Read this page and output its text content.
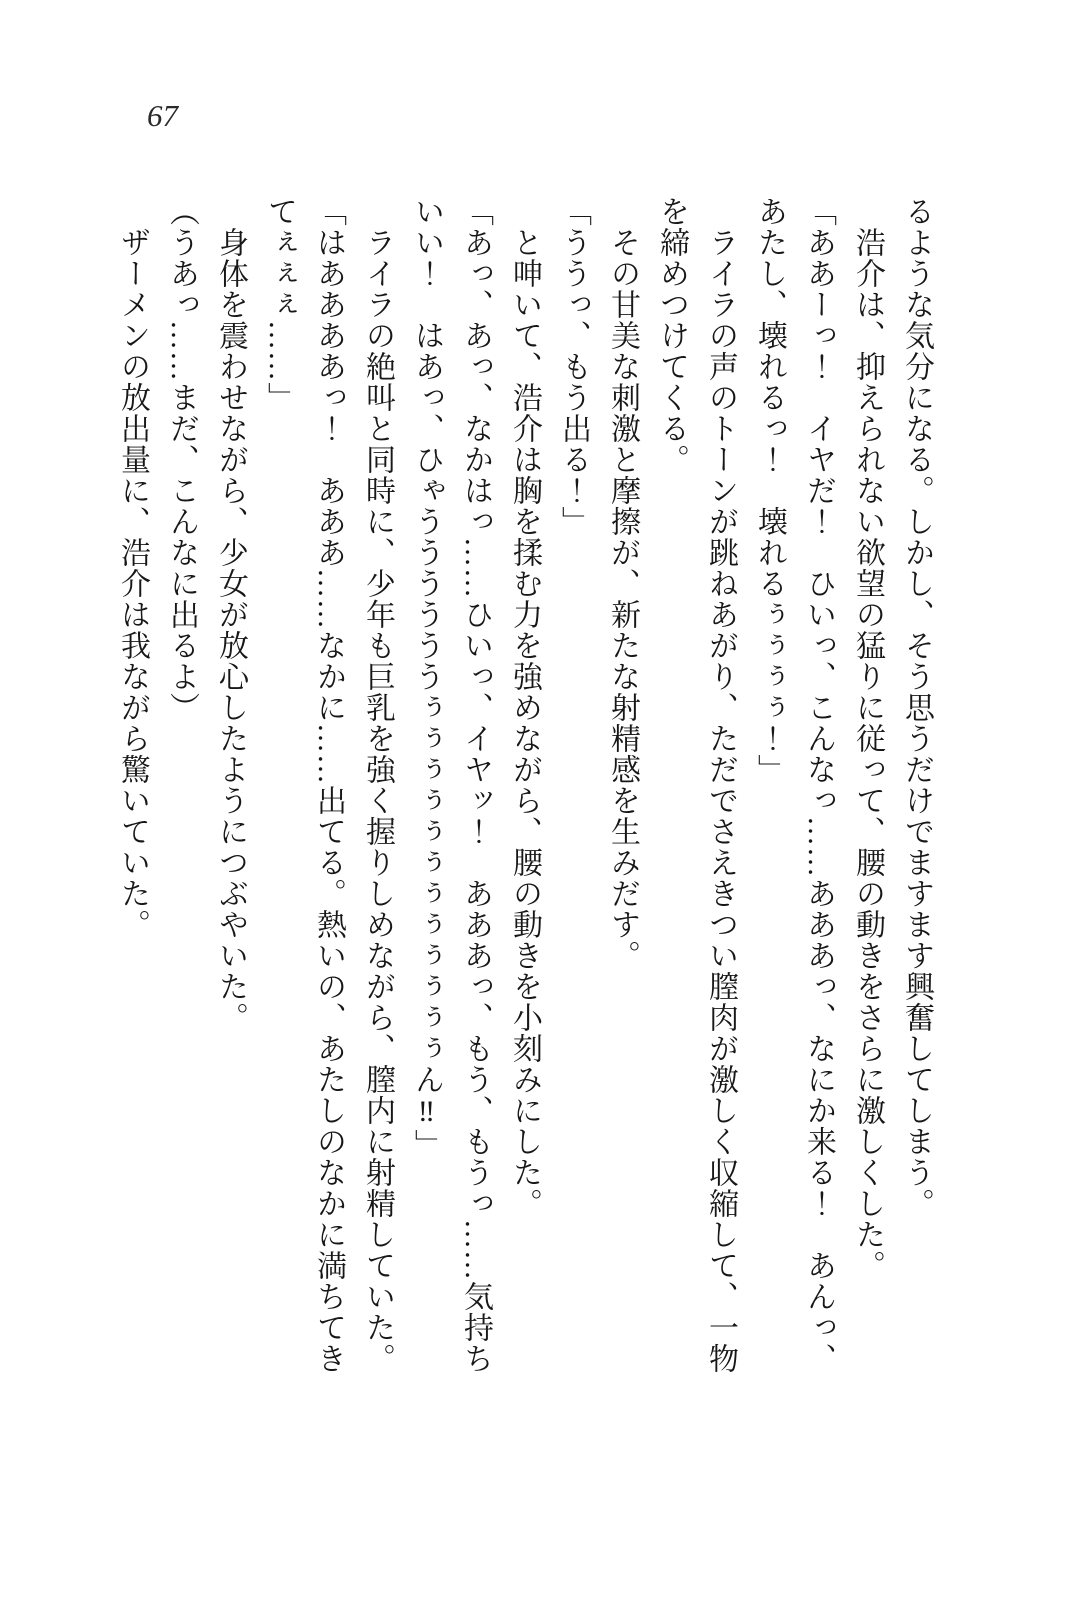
67
るような気分になる。しかし、そう思うだけでますます興奮してしまう。
　浩介は、抑えられない欲望の猛りに従って、腰の動きをさらに激しくした。
「ああーっ！　イヤだ！　ひいっ、こんなっ……あああっ、なにか来る！　あんっ、
あたし、壊れるっ！　壊れるぅぅぅぅ！」
　ライラの声のトーンが跳ねあがり、ただでさえきつい膣肉が激しく収縮して、一物
を締めつけてくる。
　その甘美な刺激と摩擦が、新たな射精感を生みだす。
「ううっ、もう出る！」
　と呻いて、浩介は胸を揉む力を強めながら、腰の動きを小刻みにした。
「あっ、あっ、なかはっ……ひいっ、イヤッ！　あああっ、もう、もうっ……気持ち
いい！　はあっ、ひゃううううううぅぅぅぅぅぅぅぅぅぅぅぅん‼」
　ライラの絶叫と同時に、少年も巨乳を強く握りしめながら、膣内に射精していた。
「はああああっ！　あああ……なかに……出てる。熱いの、あたしのなかに満ちてき
てぇぇぇ……」
　身体を震わせながら、少女が放心したようにつぶやいた。
（うあっ……まだ、こんなに出るよ）
　ザーメンの放出量に、浩介は我ながら驚いていた。
